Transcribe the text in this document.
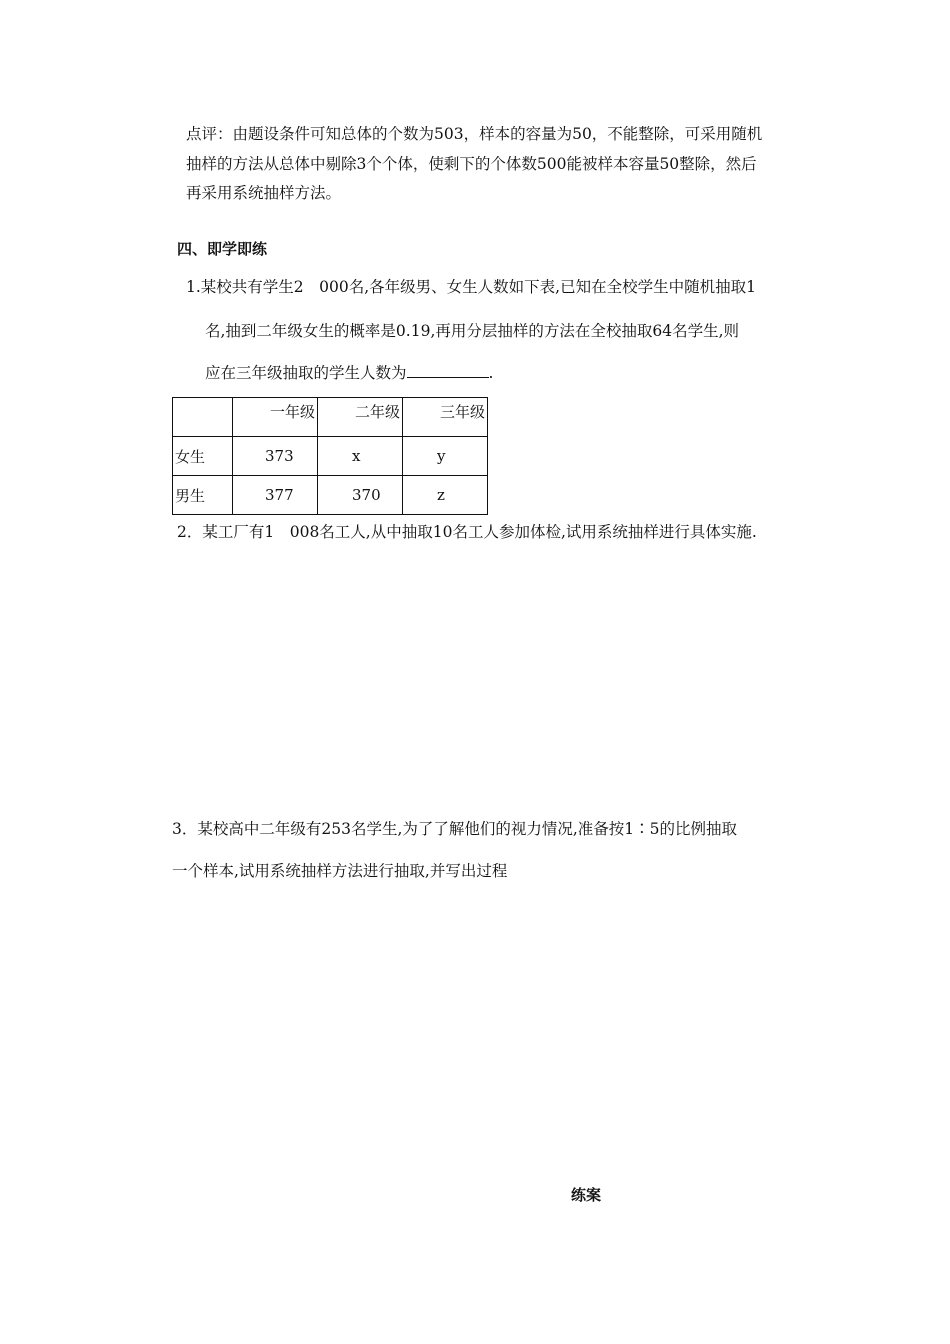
点评：由题设条件可知总体的个数为503，样本的容量为50，不能整除，可采用随机
抽样的方法从总体中剔除3个个体，使剩下的个体数500能被样本容量50整除，然后
再采用系统抽样方法。
四、即学即练
1.某校共有学生2　000名,各年级男、女生人数如下表,已知在全校学生中随机抽取1
名,抽到二年级女生的概率是0.19,再用分层抽样的方法在全校抽取64名学生,则
应在三年级抽取的学生人数为	.
	一年级	二年级	三年级
女生	373	x	y
男生	377	370	z
2．某工厂有1　008名工人,从中抽取10名工人参加体检,试用系统抽样进行具体实施.
3．某校高中二年级有253名学生,为了了解他们的视力情况,准备按1∶5的比例抽取
一个样本,试用系统抽样方法进行抽取,并写出过程
练案
